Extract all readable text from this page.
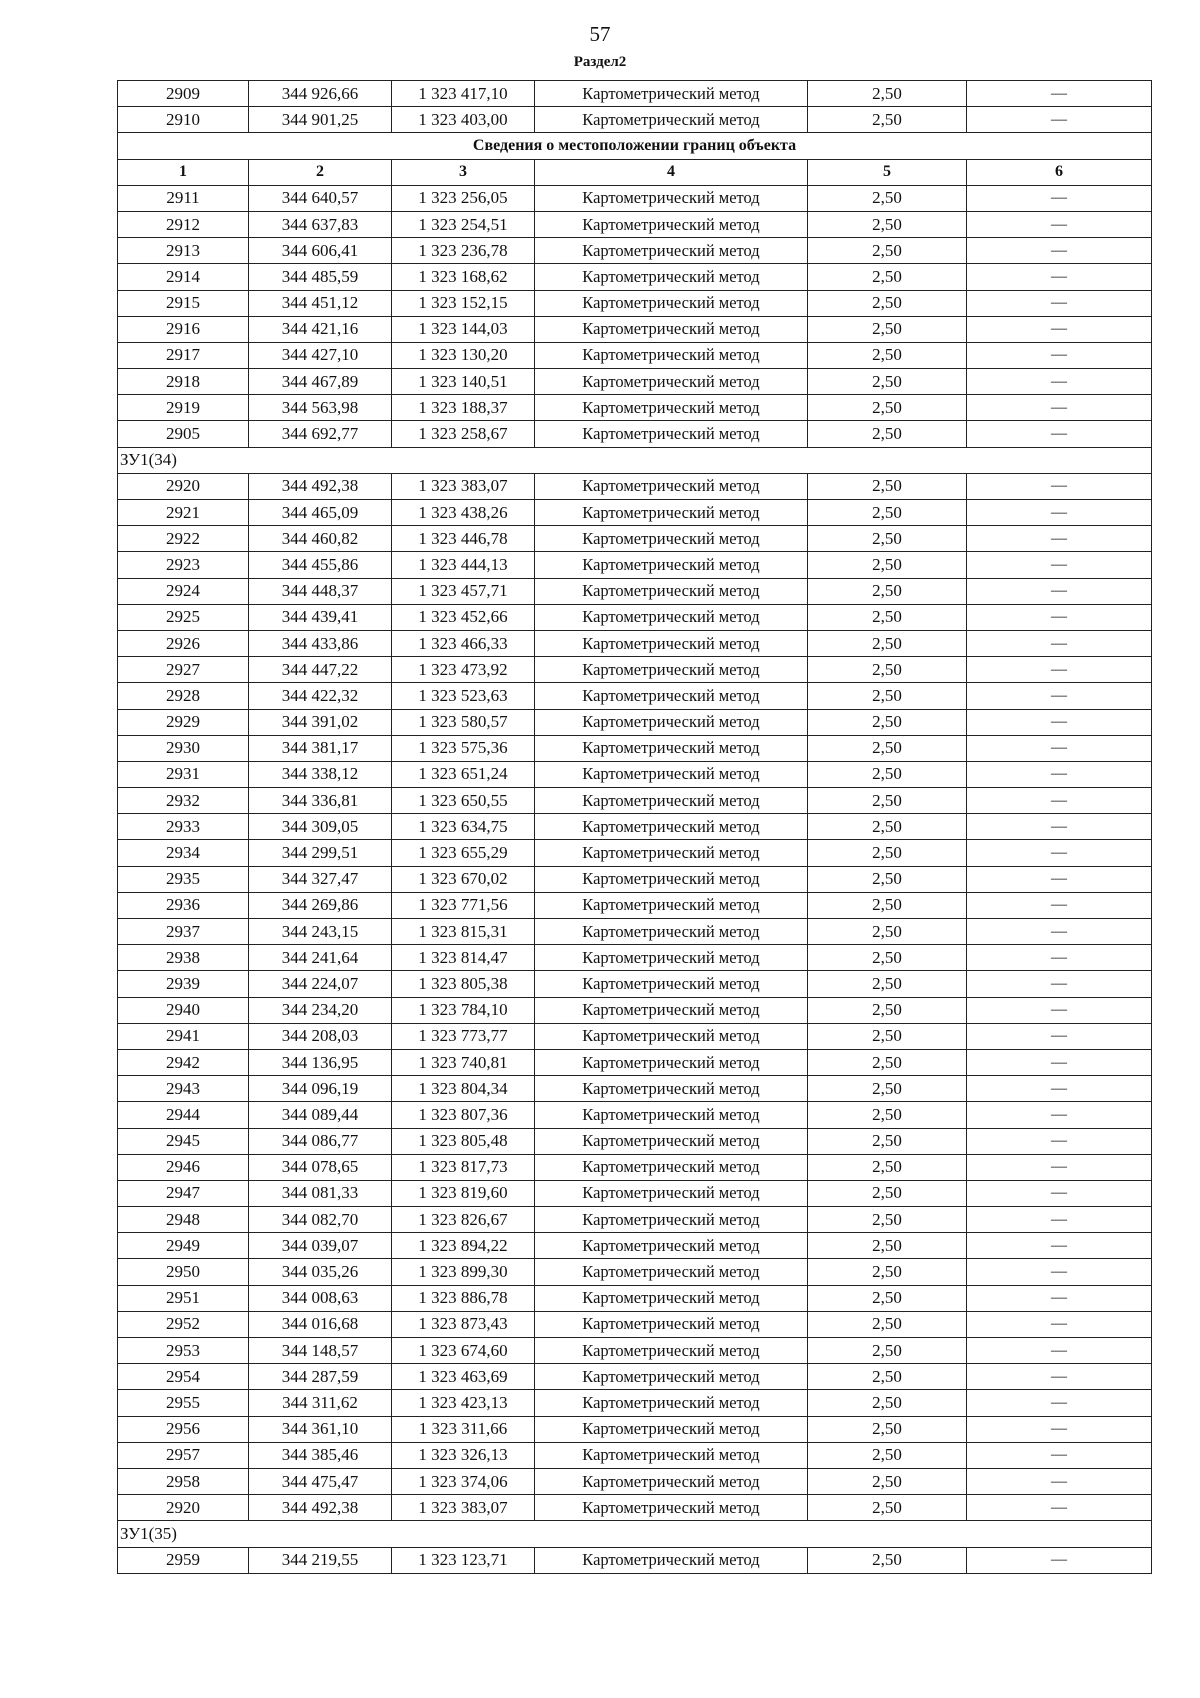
57
Раздел2
2909	344 926,66	1 323 417,10	Картометрический метод	2,50	—
2910	344 901,25	1 323 403,00	Картометрический метод	2,50	—
Сведения о местоположении границ объекта					
1	2	3	4	5	6
2911	344 640,57	1 323 256,05	Картометрический метод	2,50	—
2912	344 637,83	1 323 254,51	Картометрический метод	2,50	—
2913	344 606,41	1 323 236,78	Картометрический метод	2,50	—
2914	344 485,59	1 323 168,62	Картометрический метод	2,50	—
2915	344 451,12	1 323 152,15	Картометрический метод	2,50	—
2916	344 421,16	1 323 144,03	Картометрический метод	2,50	—
2917	344 427,10	1 323 130,20	Картометрический метод	2,50	—
2918	344 467,89	1 323 140,51	Картометрический метод	2,50	—
2919	344 563,98	1 323 188,37	Картометрический метод	2,50	—
2905	344 692,77	1 323 258,67	Картометрический метод	2,50	—
ЗУ1(34)					
2920	344 492,38	1 323 383,07	Картометрический метод	2,50	—
2921	344 465,09	1 323 438,26	Картометрический метод	2,50	—
2922	344 460,82	1 323 446,78	Картометрический метод	2,50	—
2923	344 455,86	1 323 444,13	Картометрический метод	2,50	—
2924	344 448,37	1 323 457,71	Картометрический метод	2,50	—
2925	344 439,41	1 323 452,66	Картометрический метод	2,50	—
2926	344 433,86	1 323 466,33	Картометрический метод	2,50	—
2927	344 447,22	1 323 473,92	Картометрический метод	2,50	—
2928	344 422,32	1 323 523,63	Картометрический метод	2,50	—
2929	344 391,02	1 323 580,57	Картометрический метод	2,50	—
2930	344 381,17	1 323 575,36	Картометрический метод	2,50	—
2931	344 338,12	1 323 651,24	Картометрический метод	2,50	—
2932	344 336,81	1 323 650,55	Картометрический метод	2,50	—
2933	344 309,05	1 323 634,75	Картометрический метод	2,50	—
2934	344 299,51	1 323 655,29	Картометрический метод	2,50	—
2935	344 327,47	1 323 670,02	Картометрический метод	2,50	—
2936	344 269,86	1 323 771,56	Картометрический метод	2,50	—
2937	344 243,15	1 323 815,31	Картометрический метод	2,50	—
2938	344 241,64	1 323 814,47	Картометрический метод	2,50	—
2939	344 224,07	1 323 805,38	Картометрический метод	2,50	—
2940	344 234,20	1 323 784,10	Картометрический метод	2,50	—
2941	344 208,03	1 323 773,77	Картометрический метод	2,50	—
2942	344 136,95	1 323 740,81	Картометрический метод	2,50	—
2943	344 096,19	1 323 804,34	Картометрический метод	2,50	—
2944	344 089,44	1 323 807,36	Картометрический метод	2,50	—
2945	344 086,77	1 323 805,48	Картометрический метод	2,50	—
2946	344 078,65	1 323 817,73	Картометрический метод	2,50	—
2947	344 081,33	1 323 819,60	Картометрический метод	2,50	—
2948	344 082,70	1 323 826,67	Картометрический метод	2,50	—
2949	344 039,07	1 323 894,22	Картометрический метод	2,50	—
2950	344 035,26	1 323 899,30	Картометрический метод	2,50	—
2951	344 008,63	1 323 886,78	Картометрический метод	2,50	—
2952	344 016,68	1 323 873,43	Картометрический метод	2,50	—
2953	344 148,57	1 323 674,60	Картометрический метод	2,50	—
2954	344 287,59	1 323 463,69	Картометрический метод	2,50	—
2955	344 311,62	1 323 423,13	Картометрический метод	2,50	—
2956	344 361,10	1 323 311,66	Картометрический метод	2,50	—
2957	344 385,46	1 323 326,13	Картометрический метод	2,50	—
2958	344 475,47	1 323 374,06	Картометрический метод	2,50	—
2920	344 492,38	1 323 383,07	Картометрический метод	2,50	—
ЗУ1(35)					
2959	344 219,55	1 323 123,71	Картометрический метод	2,50	—
